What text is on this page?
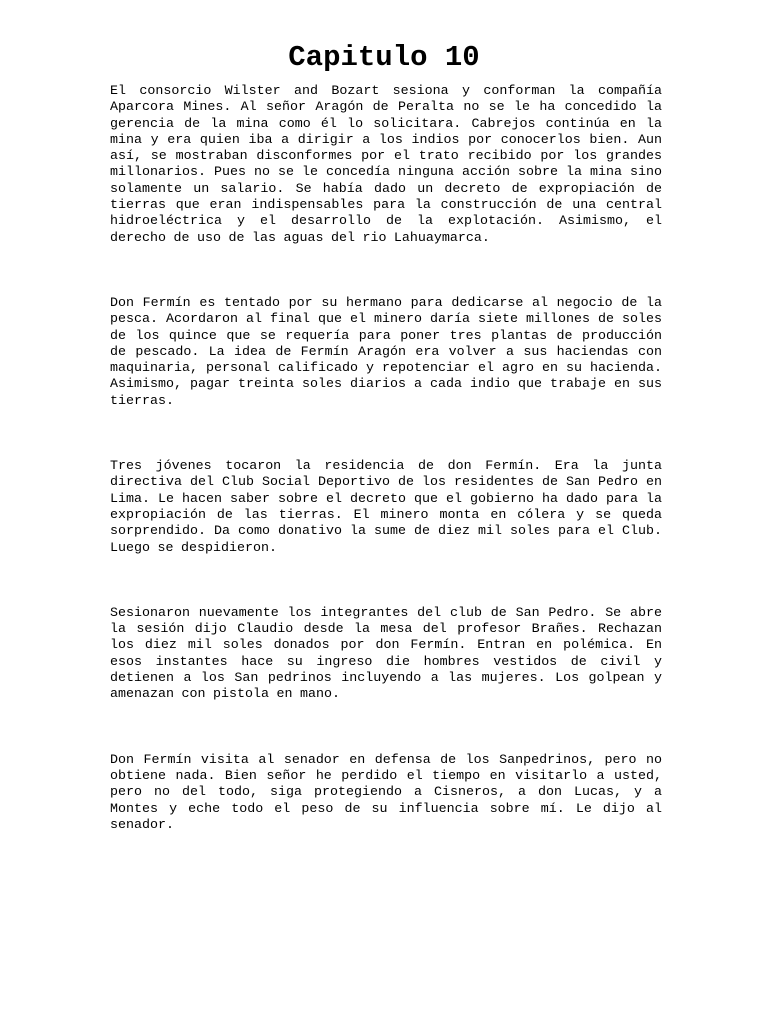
Capitulo 10

El consorcio Wilster and Bozart sesiona y conforman la compañía Aparcora Mines. Al señor Aragón de Peralta no se le ha concedido la gerencia de la mina como él lo solicitara. Cabrejos continúa en la mina y era quien iba a dirigir a los indios por conocerlos bien. Aun así, se mostraban disconformes por el trato recibido por los grandes millonarios. Pues no se le concedía ninguna acción sobre la mina sino solamente un salario. Se había dado un decreto de expropiación de tierras que eran indispensables para la construcción de una central hidroeléctrica y el desarrollo de la explotación. Asimismo, el derecho de uso de las aguas del rio Lahuaymarca.

Don Fermín es tentado por su hermano para dedicarse al negocio de la pesca. Acordaron al final que el minero daría siete millones de soles de los quince que se requería para poner tres plantas de producción de pescado. La idea de Fermín Aragón era volver a sus haciendas con maquinaria, personal calificado y repotenciar el agro en su hacienda. Asimismo, pagar treinta soles diarios a cada indio que trabaje en sus tierras.

Tres jóvenes tocaron la residencia de don Fermín. Era la junta directiva del Club Social Deportivo de los residentes de San Pedro en Lima. Le hacen saber sobre el decreto que el gobierno ha dado para la expropiación de las tierras. El minero monta en cólera y se queda sorprendido. Da como donativo la sume de diez mil soles para el Club. Luego se despidieron.

Sesionaron nuevamente los integrantes del club de San Pedro. Se abre la sesión dijo Claudio desde la mesa del profesor Brañes. Rechazan los diez mil soles donados por don Fermín. Entran en polémica. En esos instantes hace su ingreso die hombres vestidos de civil y detienen a los San pedrinos incluyendo a las mujeres. Los golpean y amenazan con pistola en mano.

Don Fermín visita al senador en defensa de los Sanpedrinos, pero no obtiene nada. Bien señor he perdido el tiempo en visitarlo a usted, pero no del todo, siga protegiendo a Cisneros, a don Lucas, y a Montes y eche todo el peso de su influencia sobre mí. Le dijo al senador.
